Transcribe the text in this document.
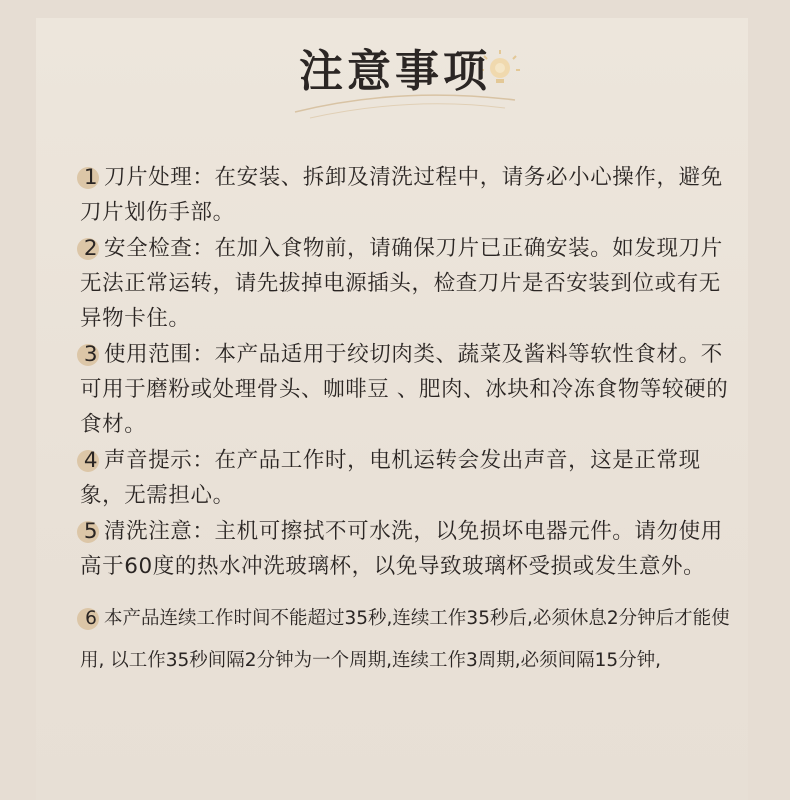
注意事项
1 刀片处理：在安装、拆卸及清洗过程中，请务必小心操作，避免刀片划伤手部。
2 安全检查：在加入食物前，请确保刀片已正确安装。如发现刀片无法正常运转，请先拔掉电源插头，检查刀片是否安装到位或有无异物卡住。
3 使用范围：本产品适用于绞切肉类、蔬菜及酱料等软性食材。不可用于磨粉或处理骨头、咖啡豆 、肥肉、冰块和冷冻食物等较硬的食材。
4 声音提示：在产品工作时，电机运转会发出声音，这是正常现象，无需担心。
5 清洗注意：主机可擦拭不可水洗，以免损坏电器元件。请勿使用高于60度的热水冲洗玻璃杯，以免导致玻璃杯受损或发生意外。
6 本产品连续工作时间不能超过35秒,连续工作35秒后,必须休息2分钟后才能使用, 以工作35秒间隔2分钟为一个周期,连续工作3周期,必须间隔15分钟,
